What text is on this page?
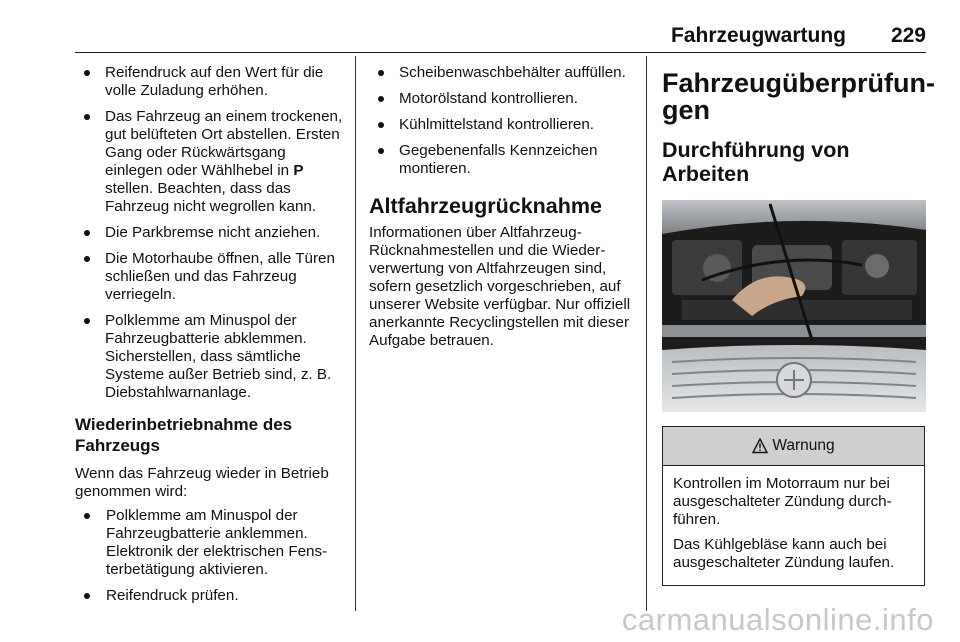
Fahrzeugwartung 229
Reifendruck auf den Wert für die volle Zuladung erhöhen.
Das Fahrzeug an einem trockenen, gut belüfteten Ort abstellen. Ersten Gang oder Rückwärtsgang einlegen oder Wählhebel in P stellen. Beachten, dass das Fahrzeug nicht wegrollen kann.
Die Parkbremse nicht anziehen.
Die Motorhaube öffnen, alle Türen schließen und das Fahrzeug verriegeln.
Polklemme am Minuspol der Fahrzeugbatterie abklemmen. Sicherstellen, dass sämtliche Systeme außer Betrieb sind, z. B. Diebstahlwarnanlage.
Wiederinbetriebnahme des Fahrzeugs

Wenn das Fahrzeug wieder in Betrieb genommen wird:

Polklemme am Minuspol der Fahrzeugbatterie anklemmen. Elektronik der elektrischen Fensterbetätigung aktivieren.
Reifendruck prüfen.
Scheibenwaschbehälter auffüllen.
Motorölstand kontrollieren.
Kühlmittelstand kontrollieren.
Gegebenenfalls Kennzeichen montieren.
Altfahrzeugrücknahme

Informationen über AltfahrzeugRücknahmestellen und die Wiederverwertung von Altfahrzeugen sind, sofern gesetzlich vorgeschrieben, auf unserer Website verfügbar. Nur offiziell anerkannte Recyclingstellen mit dieser Aufgabe betrauen.

Fahrzeugüberprüfungen
Durchführung von Arbeiten
Warnung

Kontrollen im Motorraum nur bei ausgeschalteter Zündung durchführen.

Das Kühlgebläse kann auch bei ausgeschalteter Zündung laufen.

carmanualsonline.info
